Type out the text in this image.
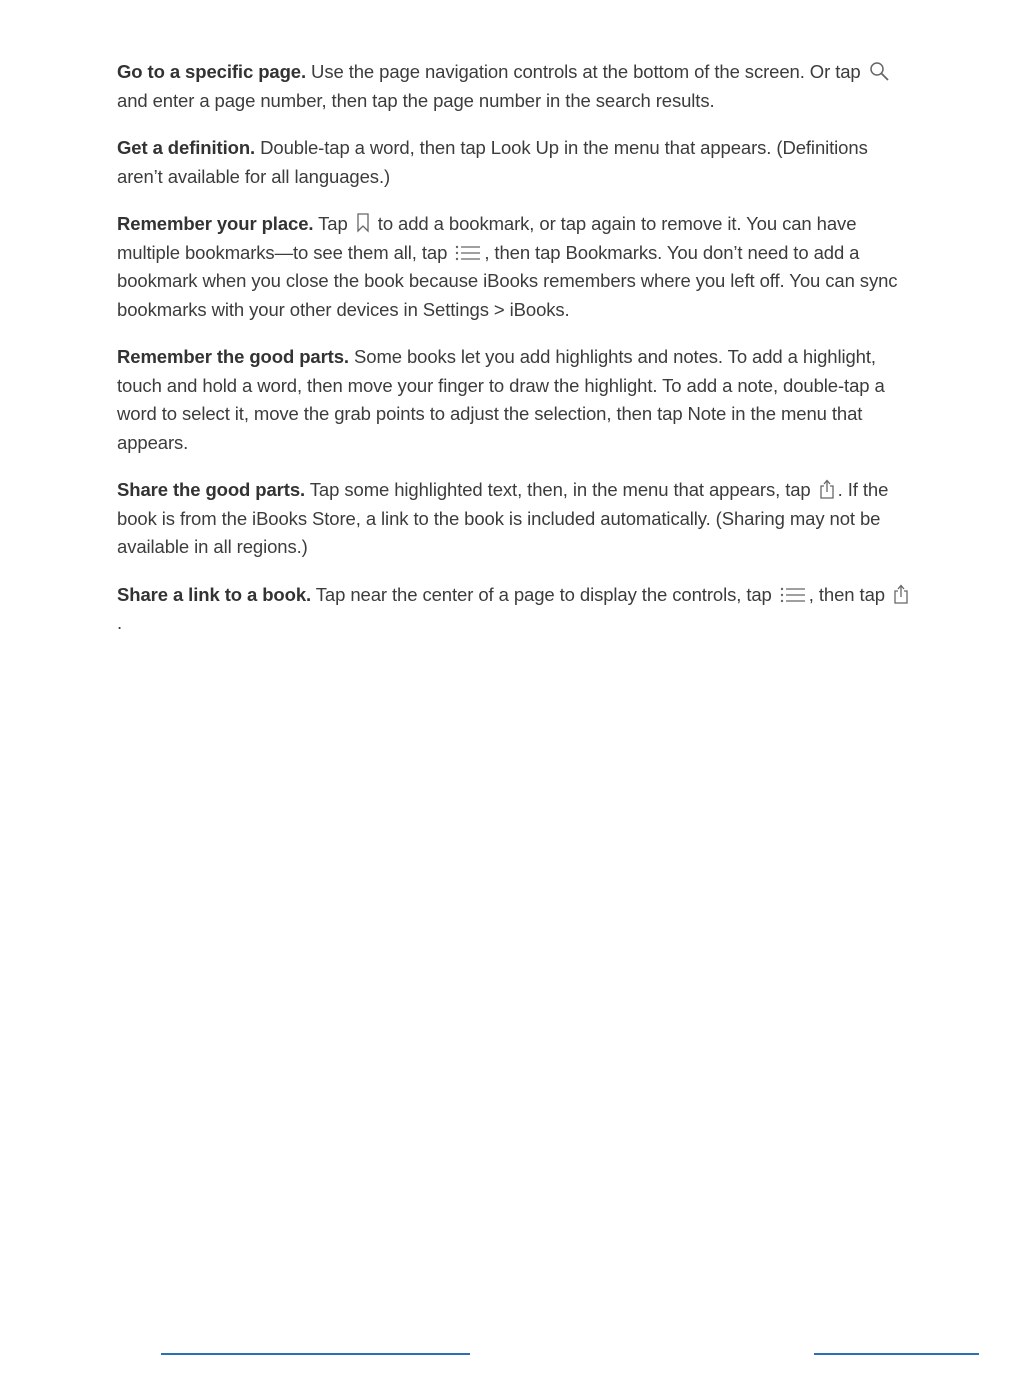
Go to a specific page. Use the page navigation controls at the bottom of the screen. Or tap
and enter a page number, then tap the page number in the search results.

Get a definition. Double-tap a word, then tap Look Up in the menu that appears. (Definitions aren’t available for all languages.)

Remember your place. Tap to add a bookmark, or tap again to remove it. You can have multiple bookmarks—to see them all, tap , then tap Bookmarks. You don’t need to add a bookmark when you close the book because iBooks remembers where you left off. You can sync bookmarks with your other devices in Settings > iBooks.

Remember the good parts. Some books let you add highlights and notes. To add a highlight, touch and hold a word, then move your finger to draw the highlight. To add a note, double-tap a word to select it, move the grab points to adjust the selection, then tap Note in the menu that appears.

Share the good parts. Tap some highlighted text, then, in the menu that appears, tap . If the book is from the iBooks Store, a link to the book is included automatically. (Sharing may not be available in all regions.)

Share a link to a book. Tap near the center of a page to display the controls, tap , then tap
.
